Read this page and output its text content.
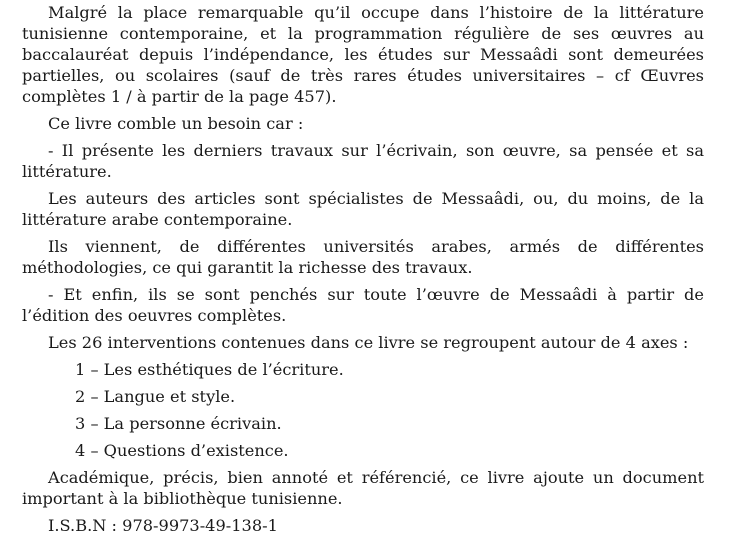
Malgré la place remarquable qu’il occupe dans l’histoire de la littérature tunisienne contemporaine, et la programmation régulière de ses œuvres au baccalauréat depuis l’indépendance, les études sur Messaâdi sont demeurées partielles, ou scolaires (sauf de très rares études universitaires – cf Œuvres complètes 1 / à partir de la page 457).

Ce livre comble un besoin car :

- Il présente les derniers travaux sur l’écrivain, son œuvre, sa pensée et sa littérature.

Les auteurs des articles sont spécialistes de Messaâdi, ou, du moins, de la littérature arabe contemporaine.

Ils viennent, de différentes universités arabes, armés de différentes méthodologies, ce qui garantit la richesse des travaux.

- Et enfin, ils se sont penchés sur toute l’œuvre de Messaâdi à partir de l’édition des oeuvres complètes.

Les 26 interventions contenues dans ce livre se regroupent autour de 4 axes :

1 – Les esthétiques de l’écriture.
2 – Langue et style.
3 – La personne écrivain.
4 – Questions d’existence.

Académique, précis, bien annoté et référencié, ce livre ajoute un document important à la bibliothèque tunisienne.

I.S.B.N : 978-9973-49-138-1
